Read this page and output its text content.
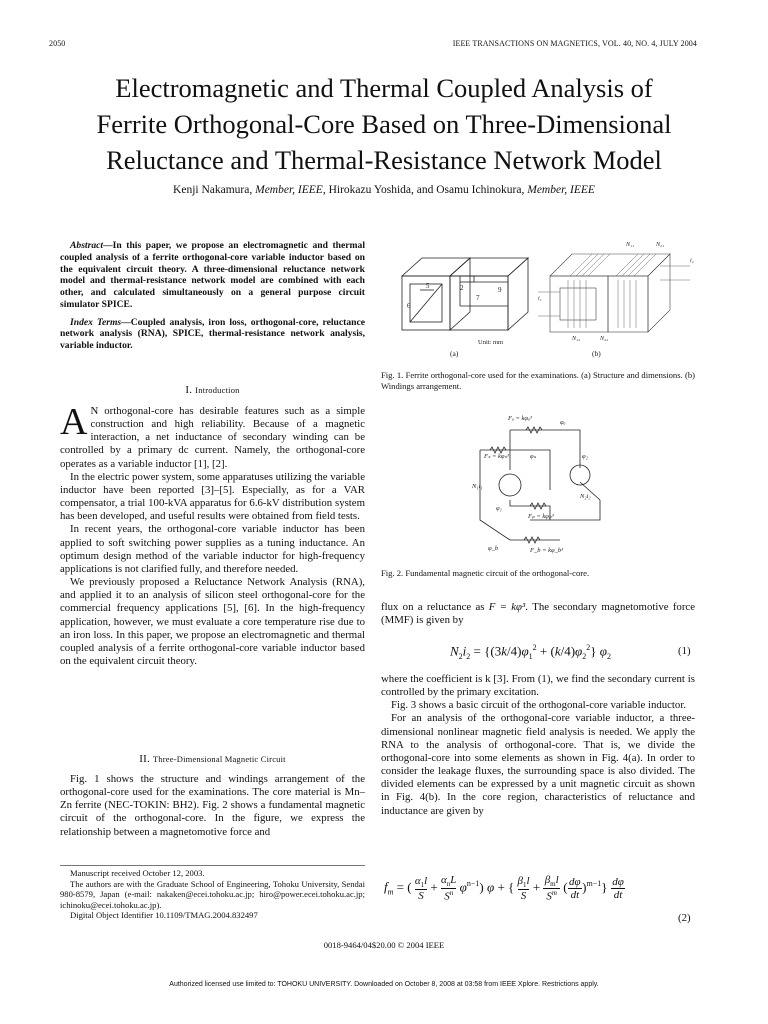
2050	IEEE TRANSACTIONS ON MAGNETICS, VOL. 40, NO. 4, JULY 2004
Electromagnetic and Thermal Coupled Analysis of
Ferrite Orthogonal-Core Based on Three-Dimensional
Reluctance and Thermal-Resistance Network Model
Kenji Nakamura, Member, IEEE, Hirokazu Yoshida, and Osamu Ichinokura, Member, IEEE

Abstract—In this paper, we propose an electromagnetic and thermal coupled analysis of a ferrite orthogonal-core variable inductor based on the equivalent circuit theory. A three-dimensional reluctance network model and thermal-resistance network model are combined with each other, and calculated simultaneously on a general purpose circuit simulator SPICE.

Index Terms—Coupled analysis, iron loss, orthogonal-core, reluctance network analysis (RNA), SPICE, thermal-resistance network analysis, variable inductor.

I. Introduction

A N orthogonal-core has desirable features such as a simple construction and high reliability. Because of a magnetic interaction, a net inductance of secondary winding can be controlled by a primary dc current. Namely, the orthogonal-core operates as a variable inductor [1], [2].

In the electric power system, some apparatuses utilizing the variable inductor have been reported [3]–[5]. Especially, as for a VAR compensator, a trial 100-kVA apparatus for 6.6-kV distribution system has been developed, and useful results were obtained from field tests.

In recent years, the orthogonal-core variable inductor has been applied to soft switching power supplies as a tuning inductance. An optimum design method of the variable inductor for high-frequency applications is not clarified fully, and therefore needed.

We previously proposed a Reluctance Network Analysis (RNA), and applied it to an analysis of silicon steel orthogonal-core for the commercial frequency applications [5], [6]. In the high-frequency application, however, we must evaluate a core temperature rise due to an iron loss. In this paper, we propose an electromagnetic and thermal coupled analysis of a ferrite orthogonal-core variable inductor based on the equivalent circuit theory.

II. Three-Dimensional Magnetic Circuit

Fig. 1 shows the structure and windings arrangement of the orthogonal-core used for the examinations. The core material is Mn–Zn ferrite (NEC-TOKIN: BH2). Fig. 2 shows a fundamental magnetic circuit of the orthogonal-core. In the figure, we express the relationship between a magnetomotive force and

Manuscript received October 12, 2003.
The authors are with the Graduate School of Engineering, Tohoku University, Sendai 980-8579, Japan (e-mail: nakaken@ecei.tohoku.ac.jp; hiro@power.ecei.tohoku.ac.jp; ichinoku@ecei.tohoku.ac.jp).
Digital Object Identifier 10.1109/TMAG.2004.832497
5
6
2
7
9
Unit: mm
(a)
N₁₁	N₂₁
i₁
i₂
N₁₂	N₂₂
(b)
Fig. 1. Ferrite orthogonal-core used for the examinations. (a) Structure and dimensions. (b) Windings arrangement.
Fₐ = kφₐ³
φₐ
Fₛ = kφₛ³	φₛ	φ₂
N₁i₁
N₂i₂
φ₁
Fₚ = kφₚ³
φ_b	F_b = kφ_b³
Fig. 2. Fundamental magnetic circuit of the orthogonal-core.

flux on a reluctance as F = kφ³. The secondary magnetomotive force (MMF) is given by

$N_2i_2 = \{(3k/4)\varphi_1^2 + (k/4)\varphi_2^2\}$ $\varphi_2$	(1)

where the coefficient is k [3]. From (1), we find the secondary current is controlled by the primary excitation.

Fig. 3 shows a basic circuit of the orthogonal-core variable inductor.

For an analysis of the orthogonal-core variable inductor, a three-dimensional nonlinear magnetic field analysis is needed. We apply the RNA to the analysis of orthogonal-core. That is, we divide the orthogonal-core into some elements as shown in Fig. 4(a). In order to consider the leakage fluxes, the surrounding space is also divided. The divided elements can be expressed by a unit magnetic circuit as shown in Fig. 4(b). In the core region, characteristics of reluctance and inductance are given by

$f_m$ = ( $\alpha_1l$
$S + \alpha_nL$
$S^n$ $\varphi^{n-1}$) φ + { $\beta_1l$
$S + \beta_ml$
$S^m$ $(\frac{d\varphi}{dt})^{m-1}\} \frac{d\varphi}{dt}$
(2)
0018-9464/04$20.00 © 2004 IEEE
Authorized licensed use limited to: TOHOKU UNIVERSITY. Downloaded on October 8, 2008 at 03:58 from IEEE Xplore. Restrictions apply.
